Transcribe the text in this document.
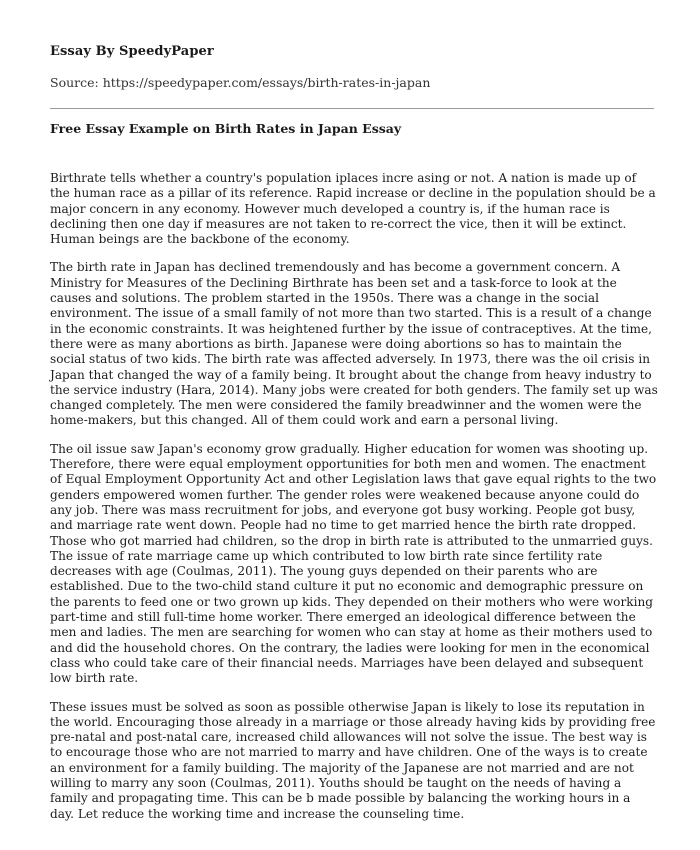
Essay By SpeedyPaper
Source: https://speedypaper.com/essays/birth-rates-in-japan
Free Essay Example on Birth Rates in Japan Essay

Birthrate tells whether a country's population iplaces incre asing or not. A nation is made up of the human race as a pillar of its reference. Rapid increase or decline in the population should be a major concern in any economy. However much developed a country is, if the human race is declining then one day if measures are not taken to re-correct the vice, then it will be extinct. Human beings are the backbone of the economy.

The birth rate in Japan has declined tremendously and has become a government concern. A Ministry for Measures of the Declining Birthrate has been set and a task-force to look at the causes and solutions. The problem started in the 1950s. There was a change in the social environment. The issue of a small family of not more than two started. This is a result of a change in the economic constraints. It was heightened further by the issue of contraceptives. At the time, there were as many abortions as birth. Japanese were doing abortions so has to maintain the social status of two kids. The birth rate was affected adversely. In 1973, there was the oil crisis in Japan that changed the way of a family being. It brought about the change from heavy industry to the service industry (Hara, 2014). Many jobs were created for both genders. The family set up was changed completely. The men were considered the family breadwinner and the women were the home-makers, but this changed. All of them could work and earn a personal living.

The oil issue saw Japan's economy grow gradually. Higher education for women was shooting up. Therefore, there were equal employment opportunities for both men and women. The enactment of Equal Employment Opportunity Act and other Legislation laws that gave equal rights to the two genders empowered women further. The gender roles were weakened because anyone could do any job. There was mass recruitment for jobs, and everyone got busy working. People got busy, and marriage rate went down. People had no time to get married hence the birth rate dropped. Those who got married had children, so the drop in birth rate is attributed to the unmarried guys. The issue of rate marriage came up which contributed to low birth rate since fertility rate decreases with age (Coulmas, 2011). The young guys depended on their parents who are established. Due to the two-child stand culture it put no economic and demographic pressure on the parents to feed one or two grown up kids. They depended on their mothers who were working part-time and still full-time home worker. There emerged an ideological difference between the men and ladies. The men are searching for women who can stay at home as their mothers used to and did the household chores. On the contrary, the ladies were looking for men in the economical class who could take care of their financial needs. Marriages have been delayed and subsequent low birth rate.

These issues must be solved as soon as possible otherwise Japan is likely to lose its reputation in the world. Encouraging those already in a marriage or those already having kids by providing free pre-natal and post-natal care, increased child allowances will not solve the issue. The best way is to encourage those who are not married to marry and have children. One of the ways is to create an environment for a family building. The majority of the Japanese are not married and are not willing to marry any soon (Coulmas, 2011). Youths should be taught on the needs of having a family and propagating time. This can be b made possible by balancing the working hours in a day. Let reduce the working time and increase the counseling time.
